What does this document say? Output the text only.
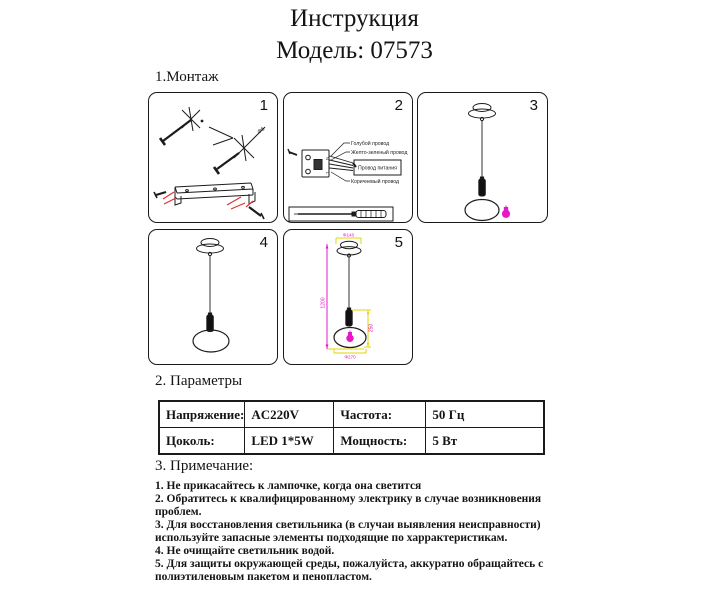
Инструкция
Модель: 07573
1.Монтаж
1
Φ6
2
N
L
Голубой провод
Желто-зеленый провод
Провод питания
Коричневый провод
3
4	5
Φ140
1200
250
Φ270
2. Параметры
Напряжение:	AC220V	Частота:	50 Гц
Цоколь:	LED 1*5W	Мощность:	5 Вт
3. Примечание:
1. Не прикасайтесь к лампочке, когда она светится
2. Обратитесь к квалифицированному электрику в случае возникновения проблем.
3. Для восстановления светильника (в случаи выявления неисправности) используйте запасные элементы подходящие по харрактеристикам.
4. Не очищайте светильник водой.
5. Для защиты окружающей среды, пожалуйста, аккуратно обращайтесь с полиэтиленовым пакетом и пенопластом.
